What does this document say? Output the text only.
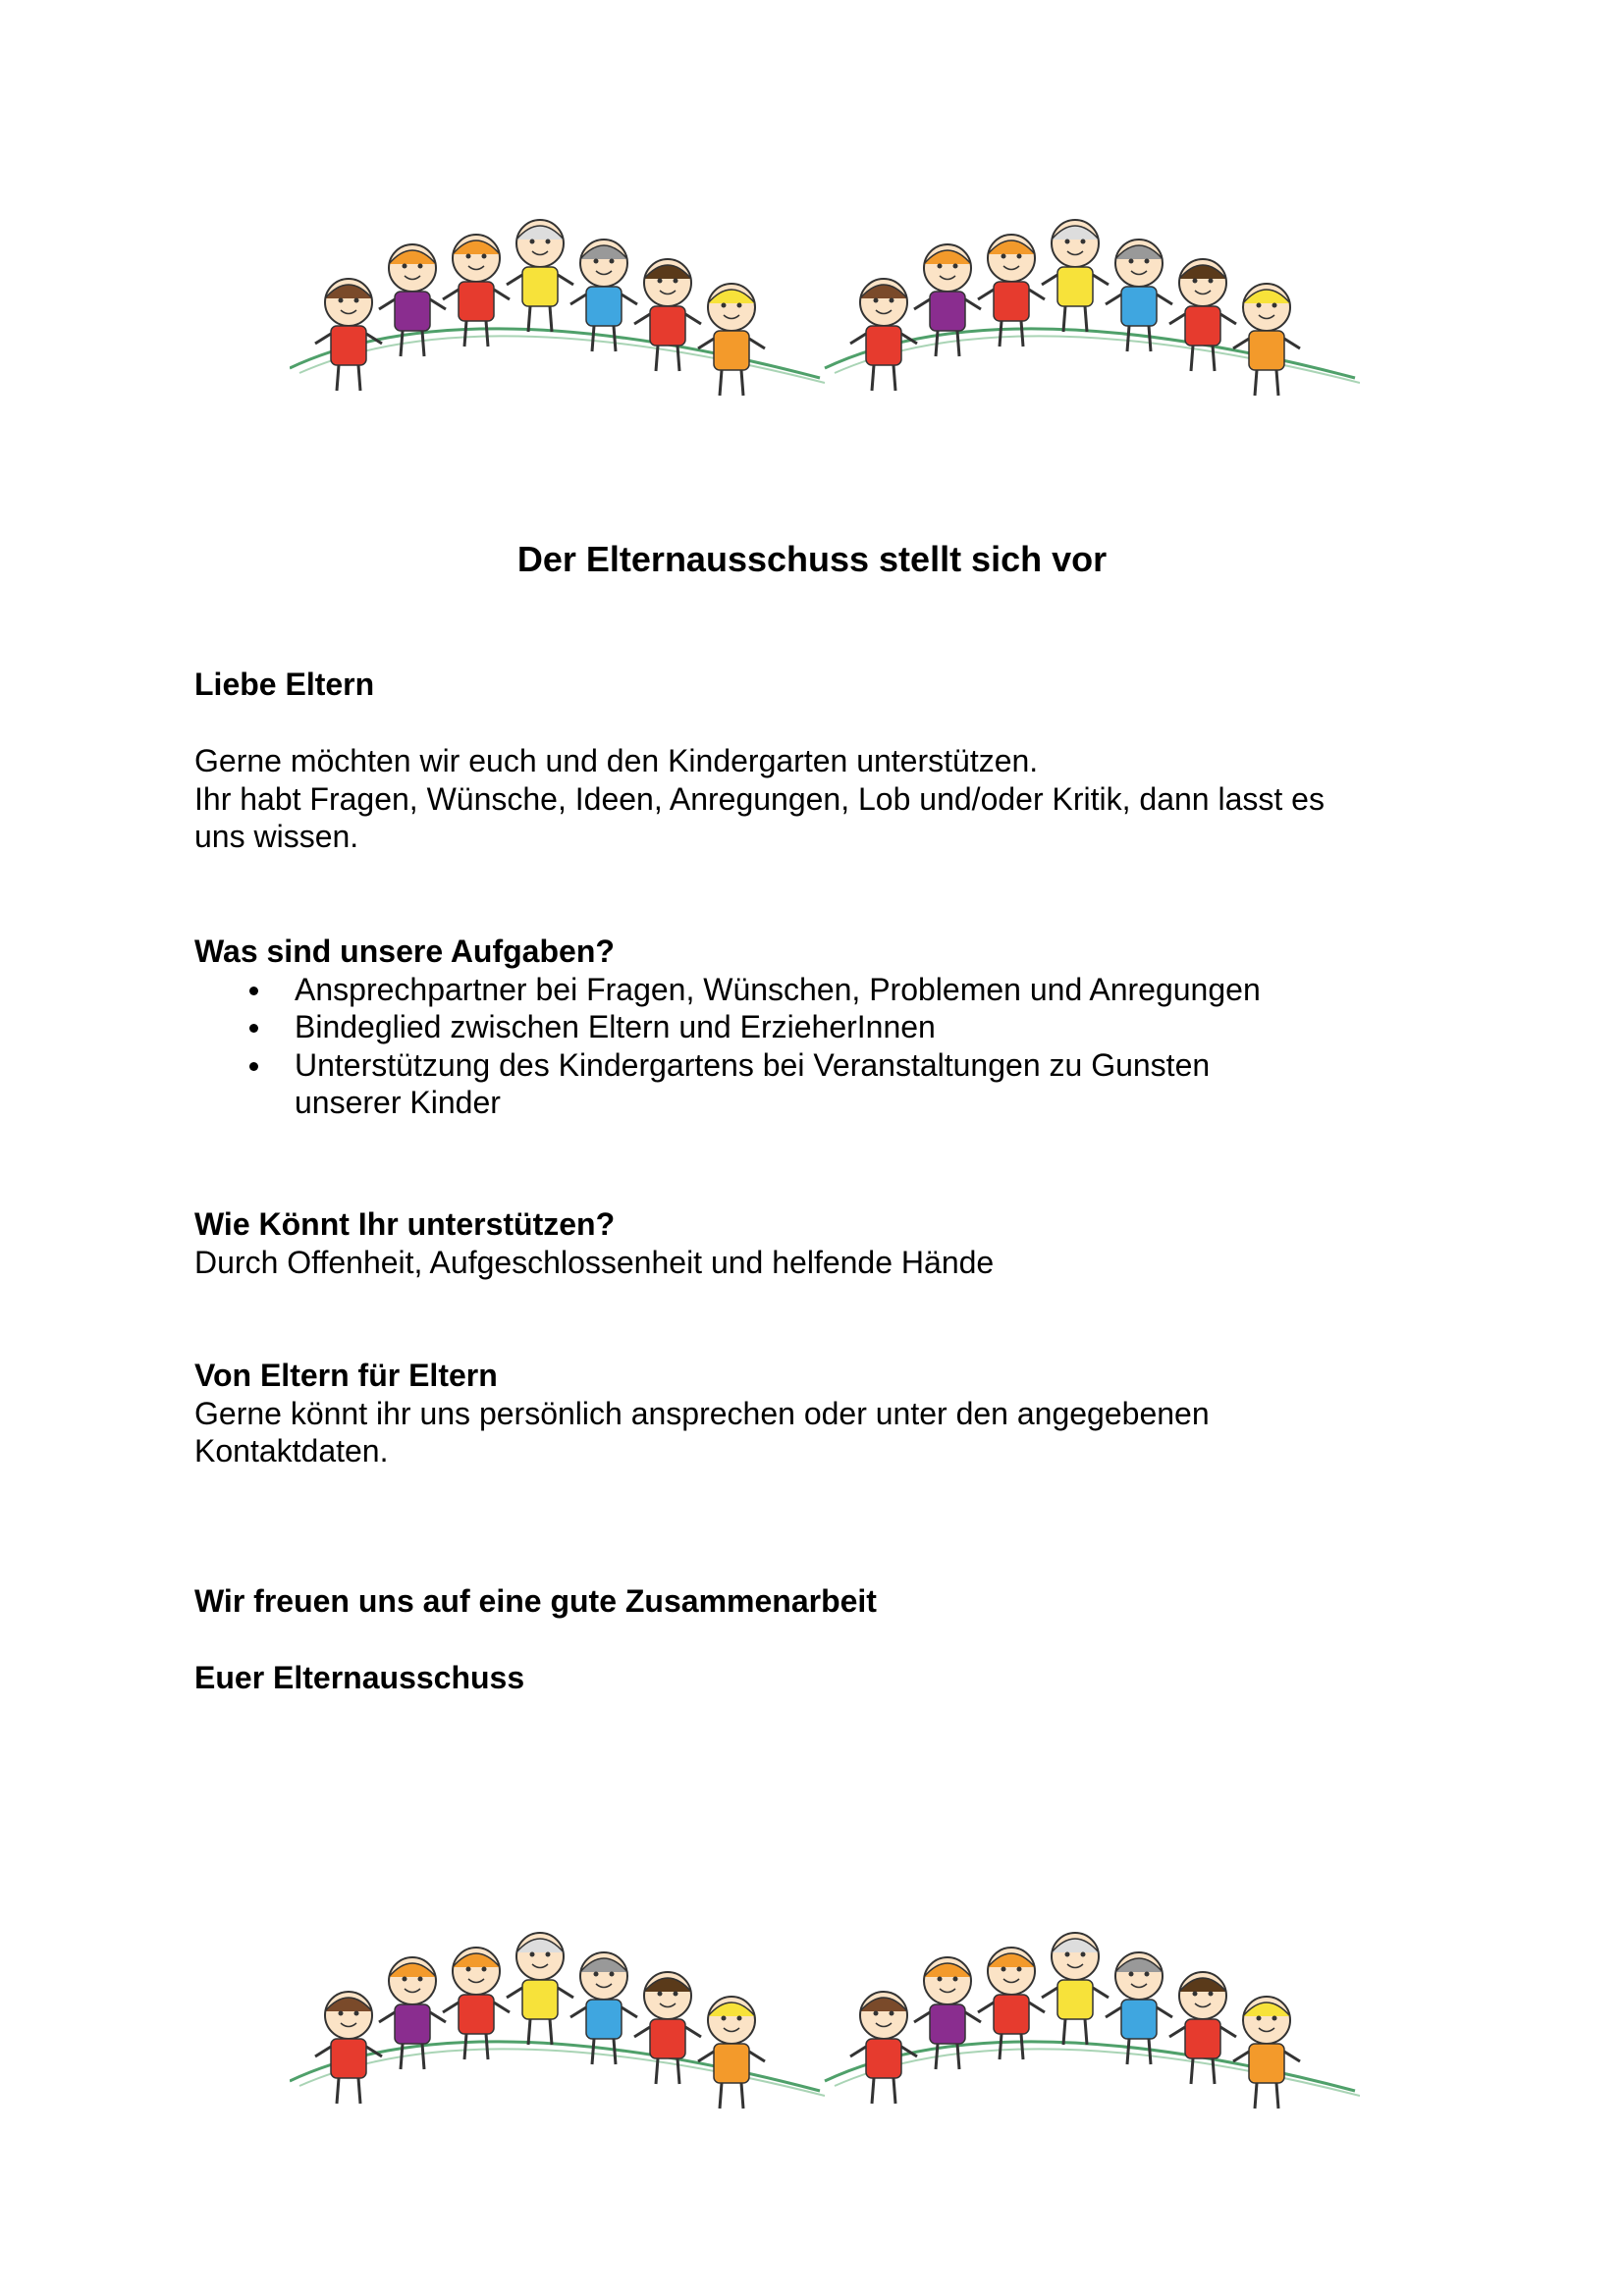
Der Elternausschuss stellt sich vor

Liebe Eltern

Gerne möchten wir euch und den Kindergarten unterstützen.

Ihr habt Fragen, Wünsche, Ideen, Anregungen, Lob und/oder Kritik, dann lasst es

uns wissen.

Was sind unsere Aufgaben?

Ansprechpartner bei Fragen, Wünschen, Problemen und Anregungen
Bindeglied zwischen Eltern und ErzieherInnen
Unterstützung des Kindergartens bei Veranstaltungen zu Gunsten unserer Kinder

Wie Könnt Ihr unterstützen?

Durch Offenheit, Aufgeschlossenheit und helfende Hände

Von Eltern für Eltern

Gerne könnt ihr uns persönlich ansprechen oder unter den angegebenen

Kontaktdaten.

Wir freuen uns auf eine gute Zusammenarbeit

Euer Elternausschuss
